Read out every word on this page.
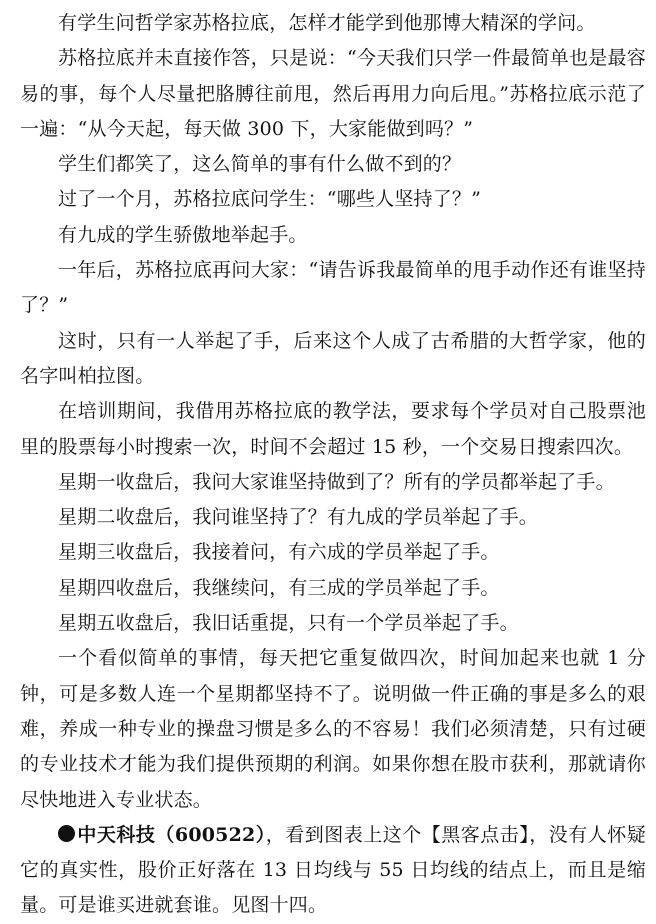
有学生问哲学家苏格拉底，怎样才能学到他那博大精深的学问。

苏格拉底并未直接作答，只是说：“今天我们只学一件最简单也是最容易的事，每个人尽量把胳膊往前甩，然后再用力向后甩。”苏格拉底示范了一遍：“从今天起，每天做 300 下，大家能做到吗？”

学生们都笑了，这么简单的事有什么做不到的？

过了一个月，苏格拉底问学生：“哪些人坚持了？”

有九成的学生骄傲地举起手。

一年后，苏格拉底再问大家：“请告诉我最简单的甩手动作还有谁坚持了？”

这时，只有一人举起了手，后来这个人成了古希腊的大哲学家，他的名字叫柏拉图。

在培训期间，我借用苏格拉底的教学法，要求每个学员对自己股票池里的股票每小时搜索一次，时间不会超过 15 秒，一个交易日搜索四次。

星期一收盘后，我问大家谁坚持做到了？所有的学员都举起了手。

星期二收盘后，我问谁坚持了？有九成的学员举起了手。

星期三收盘后，我接着问，有六成的学员举起了手。

星期四收盘后，我继续问，有三成的学员举起了手。

星期五收盘后，我旧话重提，只有一个学员举起了手。

一个看似简单的事情，每天把它重复做四次，时间加起来也就 1 分钟，可是多数人连一个星期都坚持不了。说明做一件正确的事是多么的艰难，养成一种专业的操盘习惯是多么的不容易！我们必须清楚，只有过硬的专业技术才能为我们提供预期的利润。如果你想在股市获利，那就请你尽快地进入专业状态。

中天科技（600522），看到图表上这个【黑客点击】，没有人怀疑它的真实性，股价正好落在 13 日均线与 55 日均线的结点上，而且是缩量。可是谁买进就套谁。见图十四。
